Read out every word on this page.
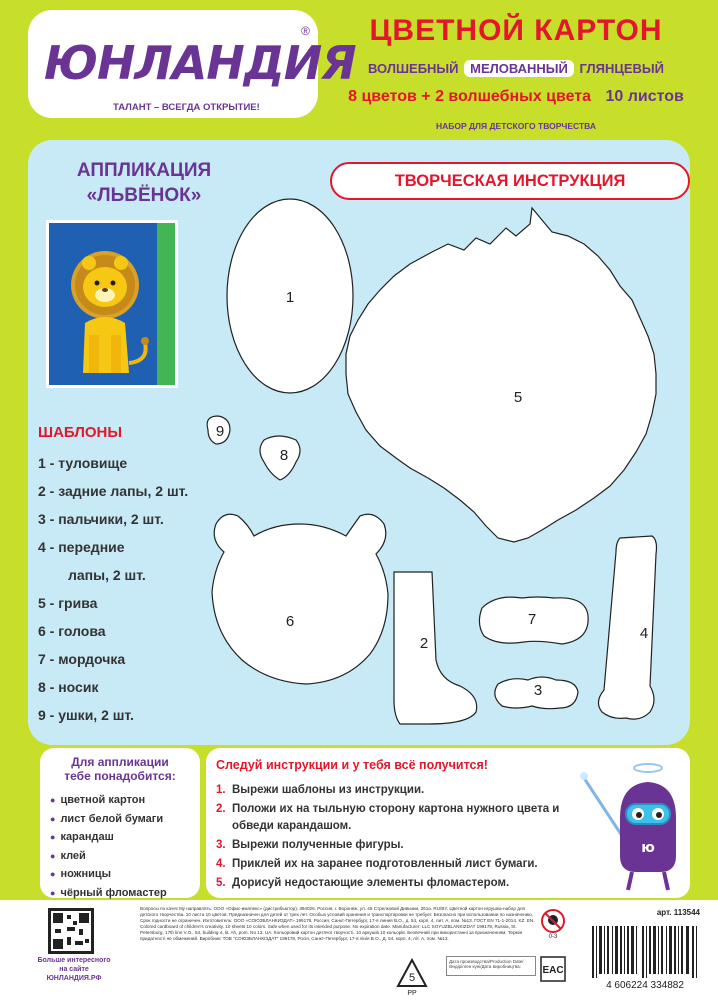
ЮНЛАНДИЯ
®
ТАЛАНТ – ВСЕГДА ОТКРЫТИЕ!
ЦВЕТНОЙ КАРТОН
ВОЛШЕБНЫЙ МЕЛОВАННЫЙ ГЛЯНЦЕВЫЙ
8 цветов + 2 волшебных цвета 10 листов
НАБОР ДЛЯ ДЕТСКОГО ТВОРЧЕСТВА
АППЛИКАЦИЯ
«ЛЬВЁНОК»
ТВОРЧЕСКАЯ ИНСТРУКЦИЯ
ШАБЛОНЫ
1 - туловище
2 - задние лапы, 2 шт.
3 - пальчики, 2 шт.
4 - передние
лапы, 2 шт.
5 - грива
6 - голова
7 - мордочка
8 - носик
9 - ушки, 2 шт.
1
2
3
4
5
6	7
8
9
Для аппликации
тебе понадобится:
● цветной картон
● лист белой бумаги
● карандаш
● клей
● ножницы
● чёрный фломастер
Следуй инструкции и у тебя всё получится!
1. Вырежи шаблоны из инструкции.
2. Положи их на тыльную сторону картона нужного цвета и обведи карандашом.
3. Вырежи полученные фигуры.
4. Приклей их на заранее подготовленный лист бумаги.
5. Дорисуй недостающие элементы фломастером.
ю
Больше интересного
на сайте
ЮНЛАНДИЯ.РФ
Вопросы по качеству направлять: ООО «Офис-имлпекс» (дистрибьютор), 394026, Россия, г. Воронеж, ул. 45 Стрелковой Дивизии, 261а. RU/BY. Цветной картон игрушка-набор для детского творчества. 10 листа 10 цветов. Предназначен для детей от трех лет. Особых условий хранения и транспортировки не требует. Безопасно при использовании по назначению. Срок годности не ограничен. Изготовитель: ООО «СОЮЗБЛАНКИЗДАТ» 199178, Россия, Санкт-Петербург, 17-я линия В.О., д. 54, корп. 4, лит. А, пом. №13. ГОСТ EN 71-1-2014. KZ. EN. Colored cardboard of children's creativity. 10 sheets 10 colors. Safe when used for its intended purpose. No expiration date. Manufacturer: LLC SOYUZBLANKIZDAT 199178, Russia, St. Petersburg, 17th line V.O., 54, building 4, lit. Ah, pom. No 13. UA. Кольоровий картон дитячої творчості. 10 аркушів 10 кольорів. Безпечний при використанні за призначенням. Термін придатності не обмежений. Виробник: ТОВ "СОЮЗБЛАНКІЗДАТ" 199178, Росія, Санкт-Петербург, 17-я лінія В.О., Д. 54, корп. 4, літ. А, пом. №13.
5
PP
Дата производства/Production Date/ Өндірілген күні/Дата виробництва:
0-3
EAC
арт. 113544
4 606224 334882
